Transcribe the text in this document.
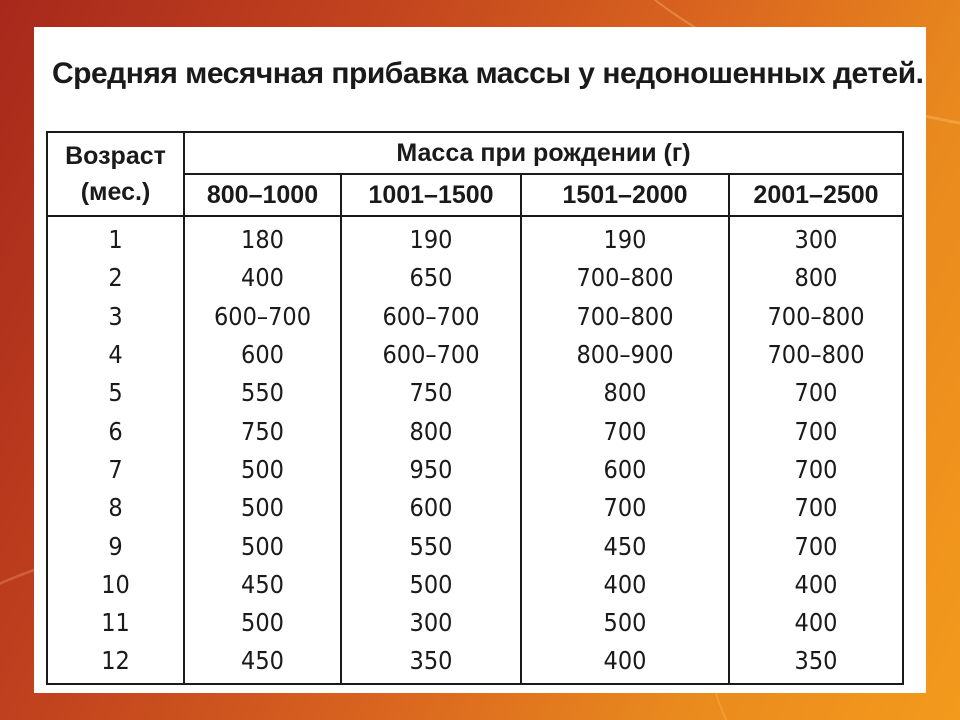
Средняя месячная прибавка массы у недоношенных детей.
Возраст
(мес.)	Масса при рождении (г)			
	800–1000	1001–1500	1501–2000	2001–2500
1	180	190	190	300
2	400	650	700–800	800
3	600–700	600–700	700–800	700–800
4	600	600–700	800–900	700–800
5	550	750	800	700
6	750	800	700	700
7	500	950	600	700
8	500	600	700	700
9	500	550	450	700
10	450	500	400	400
11	500	300	500	400
12	450	350	400	350
